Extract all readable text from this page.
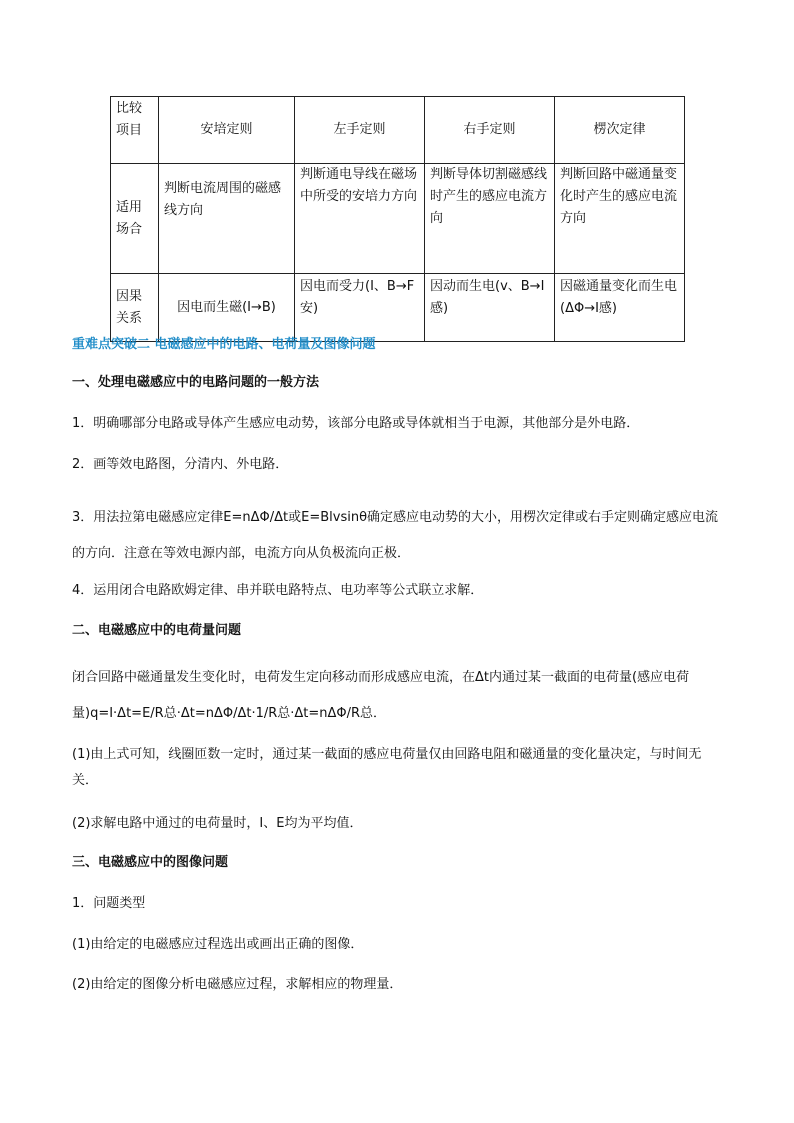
比较项目	安培定则	左手定则	右手定则	楞次定律

适用场合	判断电流周围的磁感线方向	判断通电导线在磁场中所受的安培力方向	判断导体切割磁感线时产生的感应电流方向	判断回路中磁通量变化时产生的感应电流方向

因果关系	因电而生磁(I→B)	因电而受力(I、B→F安)	因动而生电(v、B→I感)	因磁通量变化而生电(ΔΦ→I感)
重难点突破二 电磁感应中的电路、电荷量及图像问题
一、处理电磁感应中的电路问题的一般方法
1．明确哪部分电路或导体产生感应电动势，该部分电路或导体就相当于电源，其他部分是外电路．
2．画等效电路图，分清内、外电路．
3．用法拉第电磁感应定律E=nΔΦ/Δt或E=Blvsinθ确定感应电动势的大小，用楞次定律或右手定则确定感应电流的方向．注意在等效电源内部，电流方向从负极流向正极．
4．运用闭合电路欧姆定律、串并联电路特点、电功率等公式联立求解．
二、电磁感应中的电荷量问题
闭合回路中磁通量发生变化时，电荷发生定向移动而形成感应电流，在Δt内通过某一截面的电荷量(感应电荷量)q=I·Δt=E/R总·Δt=nΔΦ/Δt·1/R总·Δt=nΔΦ/R总．
(1)由上式可知，线圈匝数一定时，通过某一截面的感应电荷量仅由回路电阻和磁通量的变化量决定，与时间无关．
(2)求解电路中通过的电荷量时，I、E均为平均值．
三、电磁感应中的图像问题
1．问题类型
(1)由给定的电磁感应过程选出或画出正确的图像．
(2)由给定的图像分析电磁感应过程，求解相应的物理量．
